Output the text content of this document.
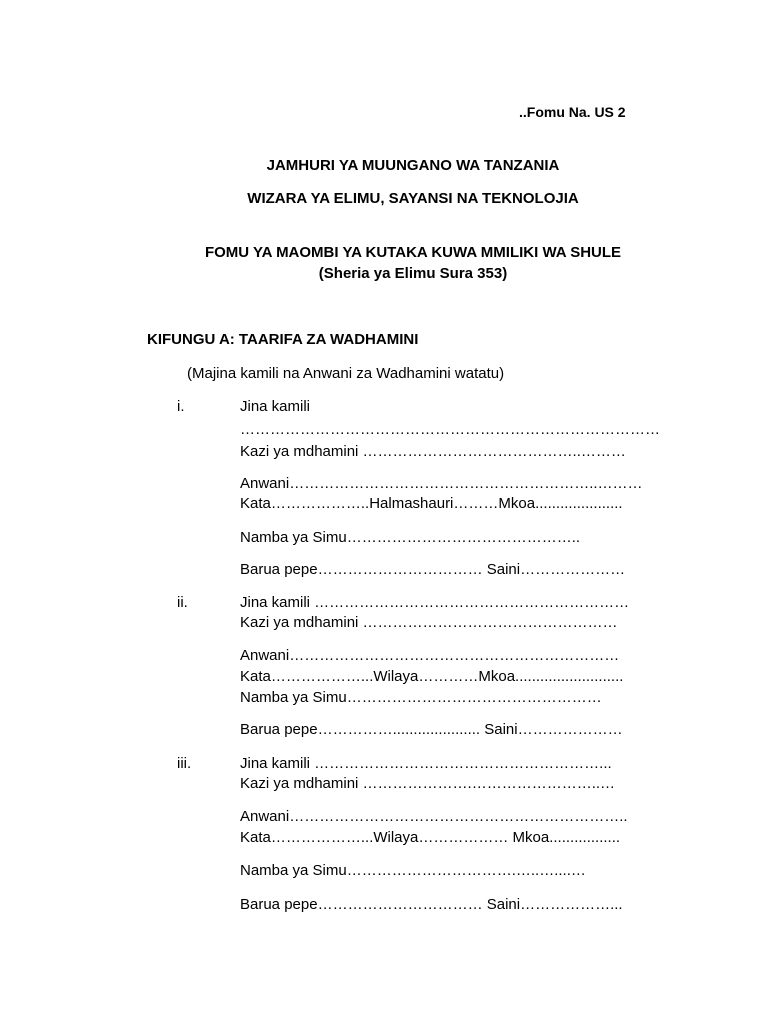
..Fomu Na. US 2
JAMHURI YA MUUNGANO WA TANZANIA
WIZARA YA ELIMU, SAYANSI NA TEKNOLOJIA
FOMU YA MAOMBI YA KUTAKA KUWA MMILIKI WA SHULE
(Sheria ya Elimu Sura 353)
KIFUNGU A: TAARIFA ZA WADHAMINI
(Majina kamili na Anwani za Wadhamini watatu)
i.	Jina kamili
…………………………………………………………………………
Kazi ya mdhamini ……………………………………..………
Anwani……………………………………………………..………
Kata………………..Halmashauri………Mkoa.....................
Namba ya Simu………………………………………..
Barua pepe…………………………… Saini…………………
ii.	Jina kamili ………………………………………………………
Kazi ya mdhamini ……………………………………………
Anwani…………………………………………………………
Kata………………...Wilaya…………Mkoa..........................
Namba ya Simu……………………………………………
Barua pepe……………..................... Saini…………………
iii.	Jina kamili …………………………………………………...
Kazi ya mdhamini ………………….……………………..…
Anwani…………………………………………………………..
Kata………………...Wilaya……………… Mkoa.................
Namba ya Simu…………………………….…..…....…
Barua pepe…………………………… Saini………………...
